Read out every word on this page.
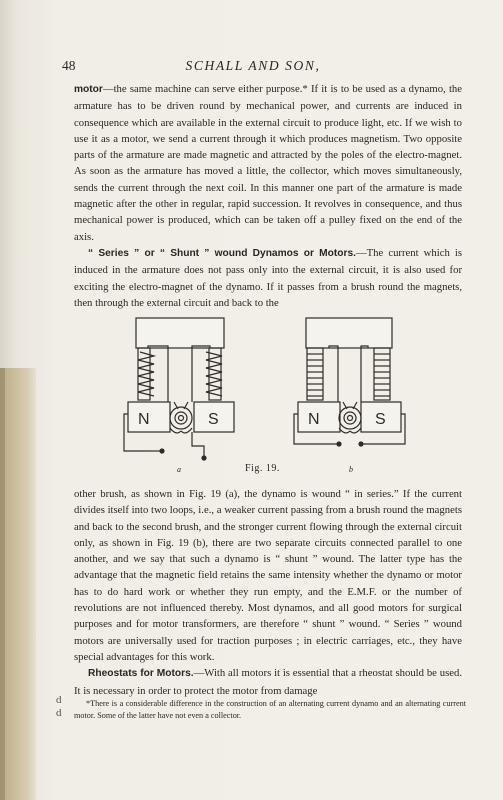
48	SCHALL AND SON,

motor—the same machine can serve either purpose.* If it is to be used as a dynamo, the armature has to be driven round by mechanical power, and currents are induced in consequence which are available in the external circuit to produce light, etc. If we wish to use it as a motor, we send a current through it which produces magnetism. Two opposite parts of the armature are made magnetic and attracted by the poles of the electro-magnet. As soon as the armature has moved a little, the collector, which moves simultaneously, sends the current through the next coil. In this manner one part of the armature is made magnetic after the other in regular, rapid succession. It revolves in consequence, and thus mechanical power is produced, which can be taken off a pulley fixed on the end of the axis.

“ Series ” or “ Shunt ” wound Dynamos or Motors.—The current which is induced in the armature does not pass only into the external circuit, it is also used for exciting the electro-magnet of the dynamo. If it passes from a brush round the magnets, then through the external circuit and back to the

N	S	N	S
a	Fig. 19.	b

other brush, as shown in Fig. 19 (a), the dynamo is wound “ in series.” If the current divides itself into two loops, i.e., a weaker current passing from a brush round the magnets and back to the second brush, and the stronger current flowing through the external circuit only, as shown in Fig. 19 (b), there are two separate circuits connected parallel to one another, and we say that such a dynamo is “ shunt ” wound. The latter type has the advantage that the magnetic field retains the same intensity whether the dynamo or motor has to do hard work or whether they run empty, and the E.M.F. or the number of revolutions are not influenced thereby. Most dynamos, and all good motors for surgical purposes and for motor transformers, are therefore “ shunt ” wound. “ Series ” wound motors are universally used for traction purposes ; in electric carriages, etc., they have special advantages for this work.

Rheostats for Motors.—With all motors it is essential that a rheostat should be used. It is necessary in order to protect the motor from damage

*There is a considerable difference in the construction of an alternating current dynamo and an alternating current motor. Some of the latter have not even a collector.

d
d
